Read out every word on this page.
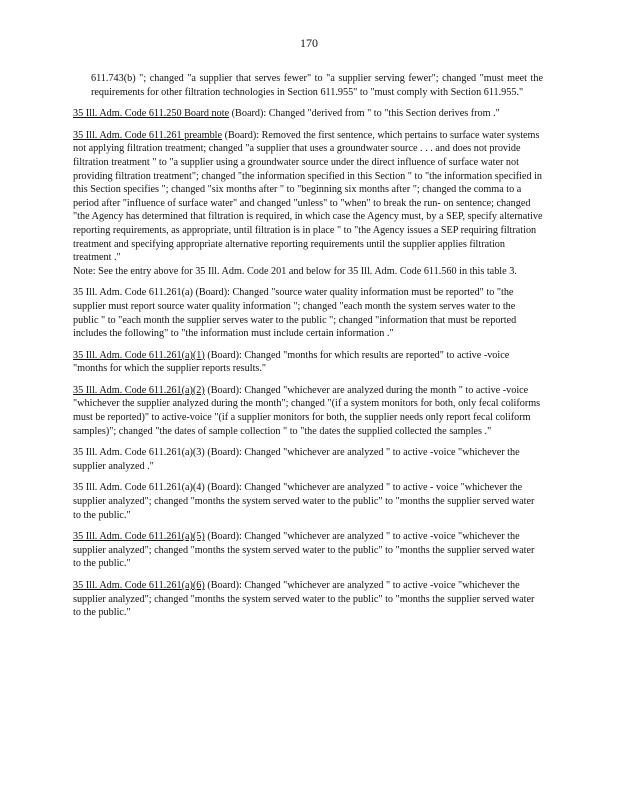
170
611.743(b) "; changed "a supplier that serves fewer" to "a supplier serving fewer"; changed "must meet the requirements for other filtration technologies in Section 611.955" to "must comply with Section 611.955."
35 Ill. Adm. Code 611.250 Board note (Board): Changed "derived from " to "this Section derives from ."
35 Ill. Adm. Code 611.261 preamble (Board): Removed the first sentence, which pertains to surface water systems not applying filtration treatment; changed "a supplier that uses a groundwater source . . . and does not provide filtration treatment " to "a supplier using a groundwater source under the direct influence of surface water not providing filtration treatment"; changed "the information specified in this Section " to "the information specified in this Section specifies "; changed "six months after " to "beginning six months after "; changed the comma to a period after "influence of surface water" and changed "unless" to "when" to break the run- on sentence; changed "the Agency has determined that filtration is required, in which case the Agency must, by a SEP, specify alternative reporting requirements, as appropriate, until filtration is in place " to "the Agency issues a SEP requiring filtration treatment and specifying appropriate alternative reporting requirements until the supplier applies filtration treatment ."
Note: See the entry above for 35 Ill. Adm. Code 201 and below for 35 Ill. Adm. Code 611.560 in this table 3.
35 Ill. Adm. Code 611.261(a) (Board): Changed "source water quality information must be reported" to "the supplier must report source water quality information "; changed "each month the system serves water to the public " to "each month the supplier serves water to the public "; changed "information that must be reported includes the following" to "the information must include certain information ."
35 Ill. Adm. Code 611.261(a)(1) (Board): Changed "months for which results are reported" to active -voice "months for which the supplier reports results."
35 Ill. Adm. Code 611.261(a)(2) (Board): Changed "whichever are analyzed during the month " to active -voice "whichever the supplier analyzed during the month"; changed "(if a system monitors for both, only fecal coliforms must be reported)" to active-voice "(if a supplier monitors for both, the supplier needs only report fecal coliform samples)"; changed "the dates of sample collection " to "the dates the supplied collected the samples ."
35 Ill. Adm. Code 611.261(a)(3) (Board): Changed "whichever are analyzed " to active -voice "whichever the supplier analyzed ."
35 Ill. Adm. Code 611.261(a)(4) (Board): Changed "whichever are analyzed " to active - voice "whichever the supplier analyzed"; changed "months the system served water to the public" to "months the supplier served water to the public."
35 Ill. Adm. Code 611.261(a)(5) (Board): Changed "whichever are analyzed " to active -voice "whichever the supplier analyzed"; changed "months the system served water to the public" to "months the supplier served water to the public."
35 Ill. Adm. Code 611.261(a)(6) (Board): Changed "whichever are analyzed " to active -voice "whichever the supplier analyzed"; changed "months the system served water to the public" to "months the supplier served water to the public."
